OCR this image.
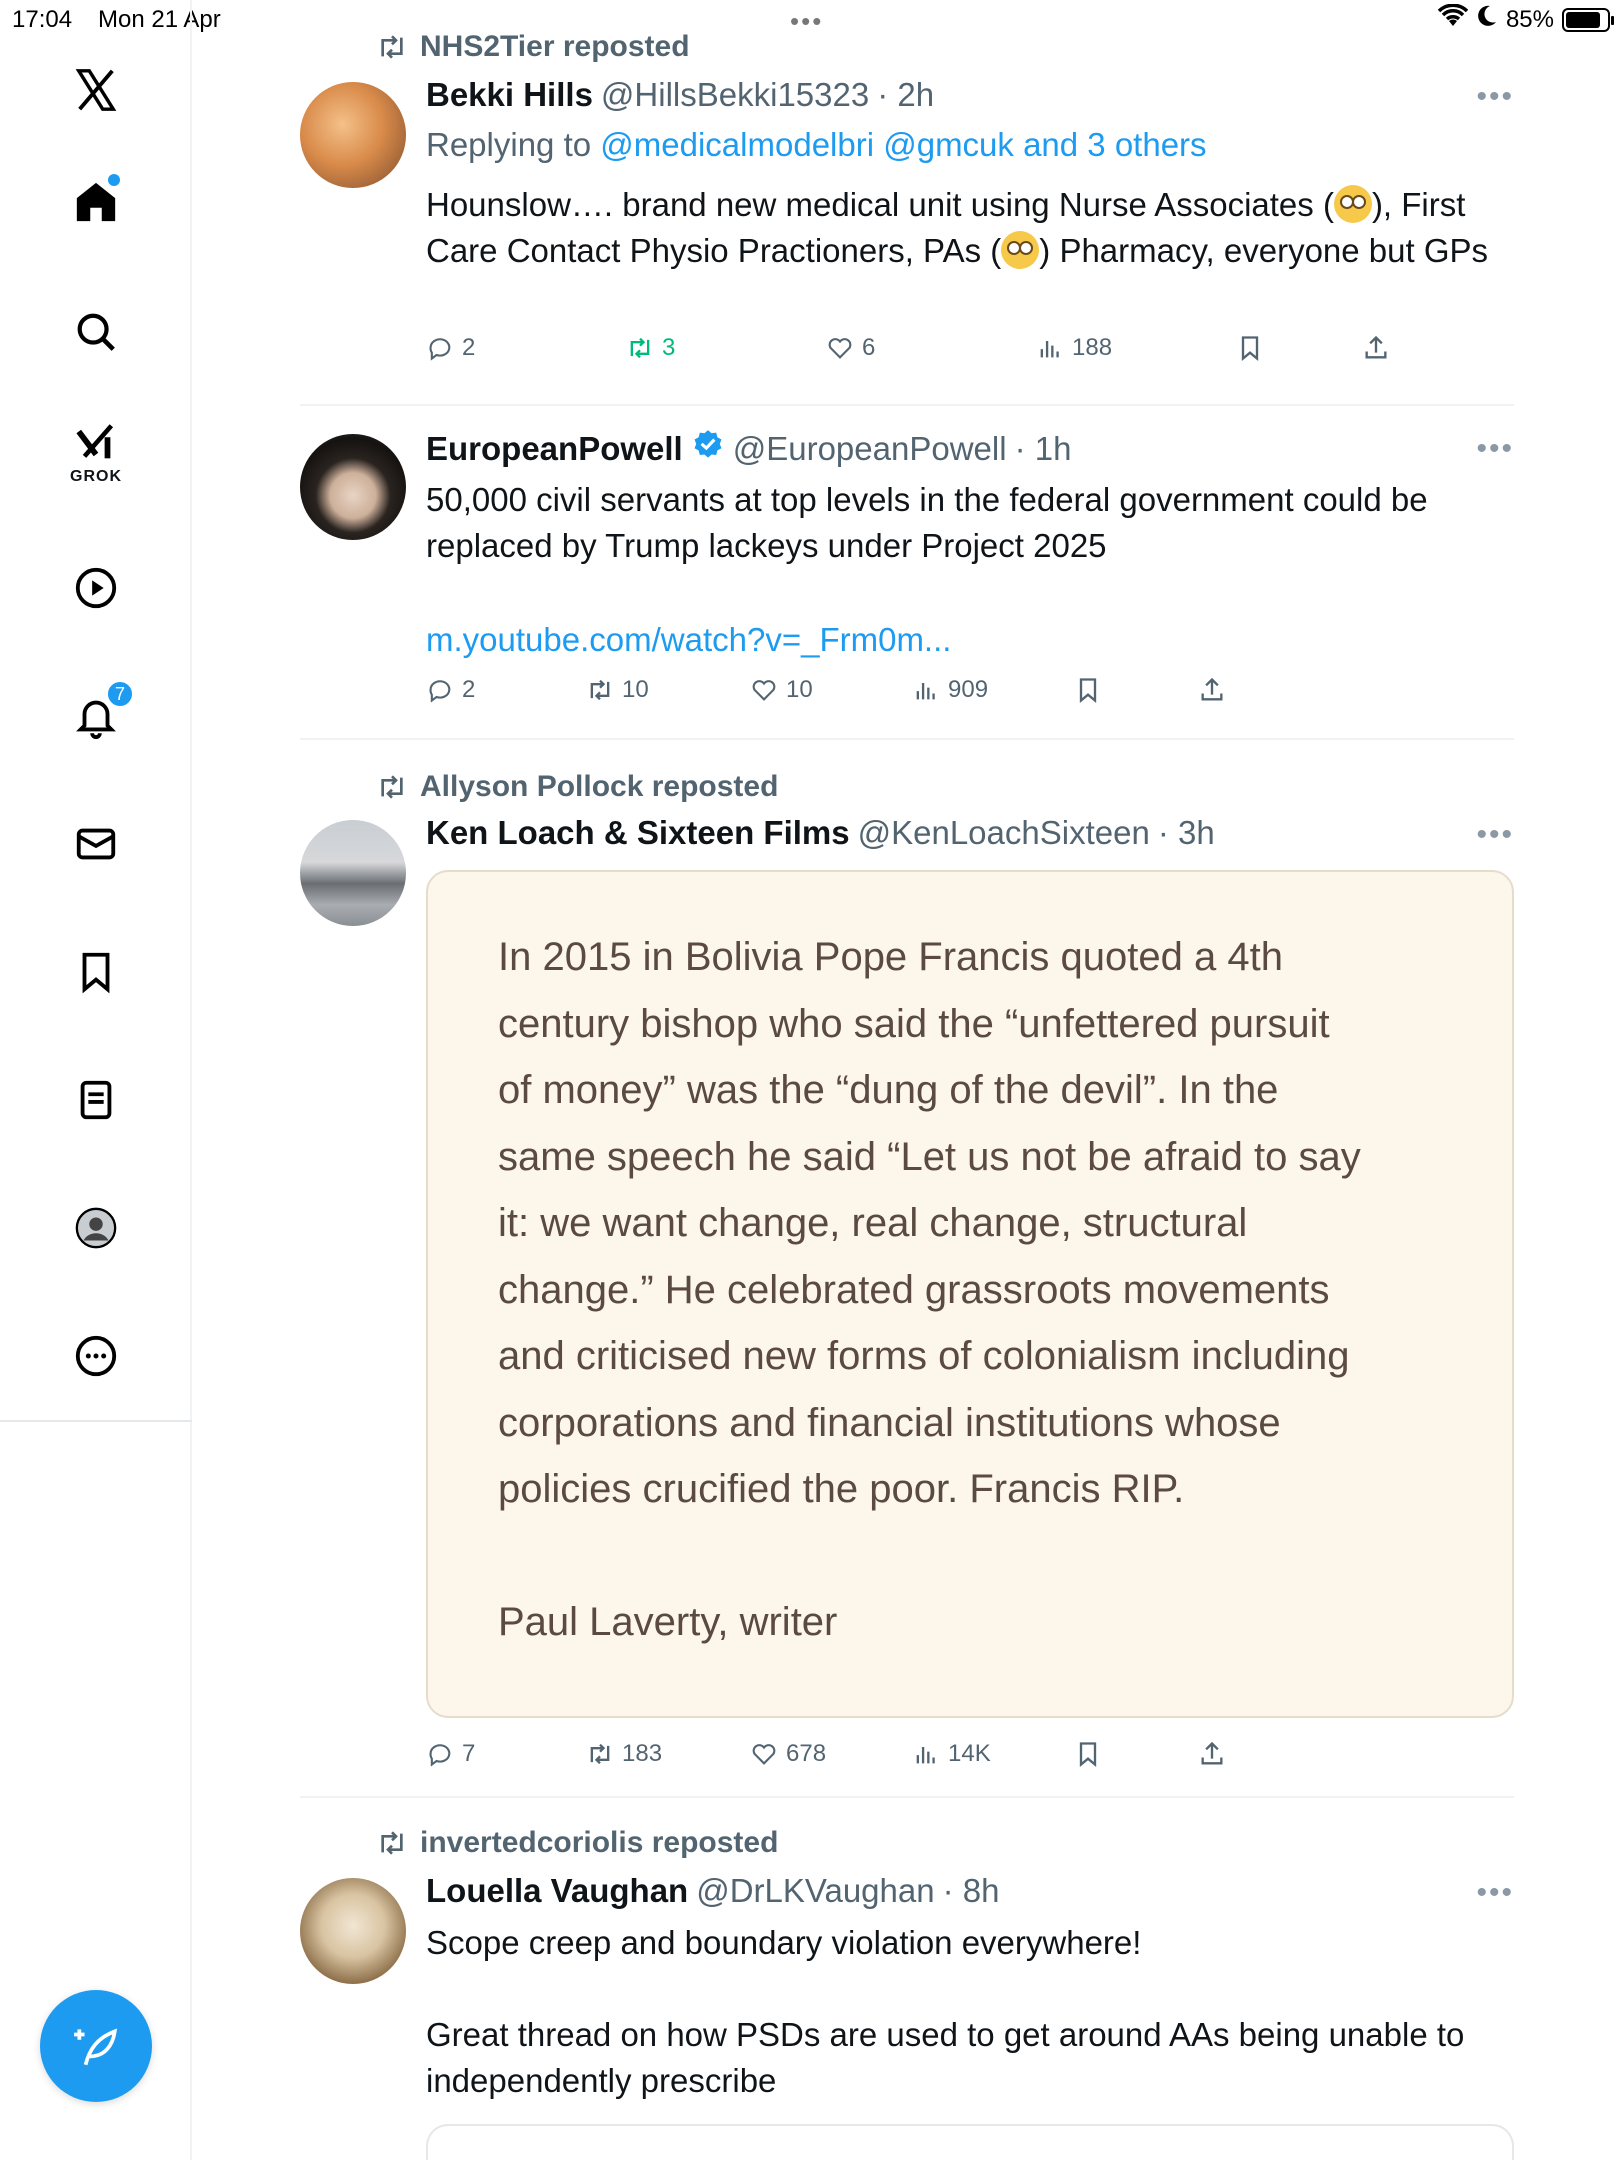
17:04 Mon 21 Apr	•••	85%
GROK
7
NHS2Tier reposted
Bekki Hills @HillsBekki15323 · 2h	•••
Replying to @medicalmodelbri @gmcuk and 3 others
Hounslow…. brand new medical unit using Nurse Associates ( ), First Care Contact Physio Practioners, PAs ( ) Pharmacy, everyone but GPs
2	3	6	188
EuropeanPowell @EuropeanPowell · 1h	•••
50,000 civil servants at top levels in the federal government could be replaced by Trump lackeys under Project 2025
m.youtube.com/watch?v=_Frm0m...
2	10	10	909
Allyson Pollock reposted
Ken Loach & Sixteen Films @KenLoachSixteen · 3h	•••
In 2015 in Bolivia Pope Francis quoted a 4th
century bishop who said the “unfettered pursuit
of money” was the “dung of the devil”. In the
same speech he said “Let us not be afraid to say
it: we want change, real change, structural
change.” He celebrated grassroots movements
and criticised new forms of colonialism including
corporations and financial institutions whose
policies crucified the poor. Francis RIP.
Paul Laverty, writer
7	183	678	14K
invertedcoriolis reposted
Louella Vaughan @DrLKVaughan · 8h	•••
Scope creep and boundary violation everywhere!
Great thread on how PSDs are used to get around AAs being unable to independently prescribe
